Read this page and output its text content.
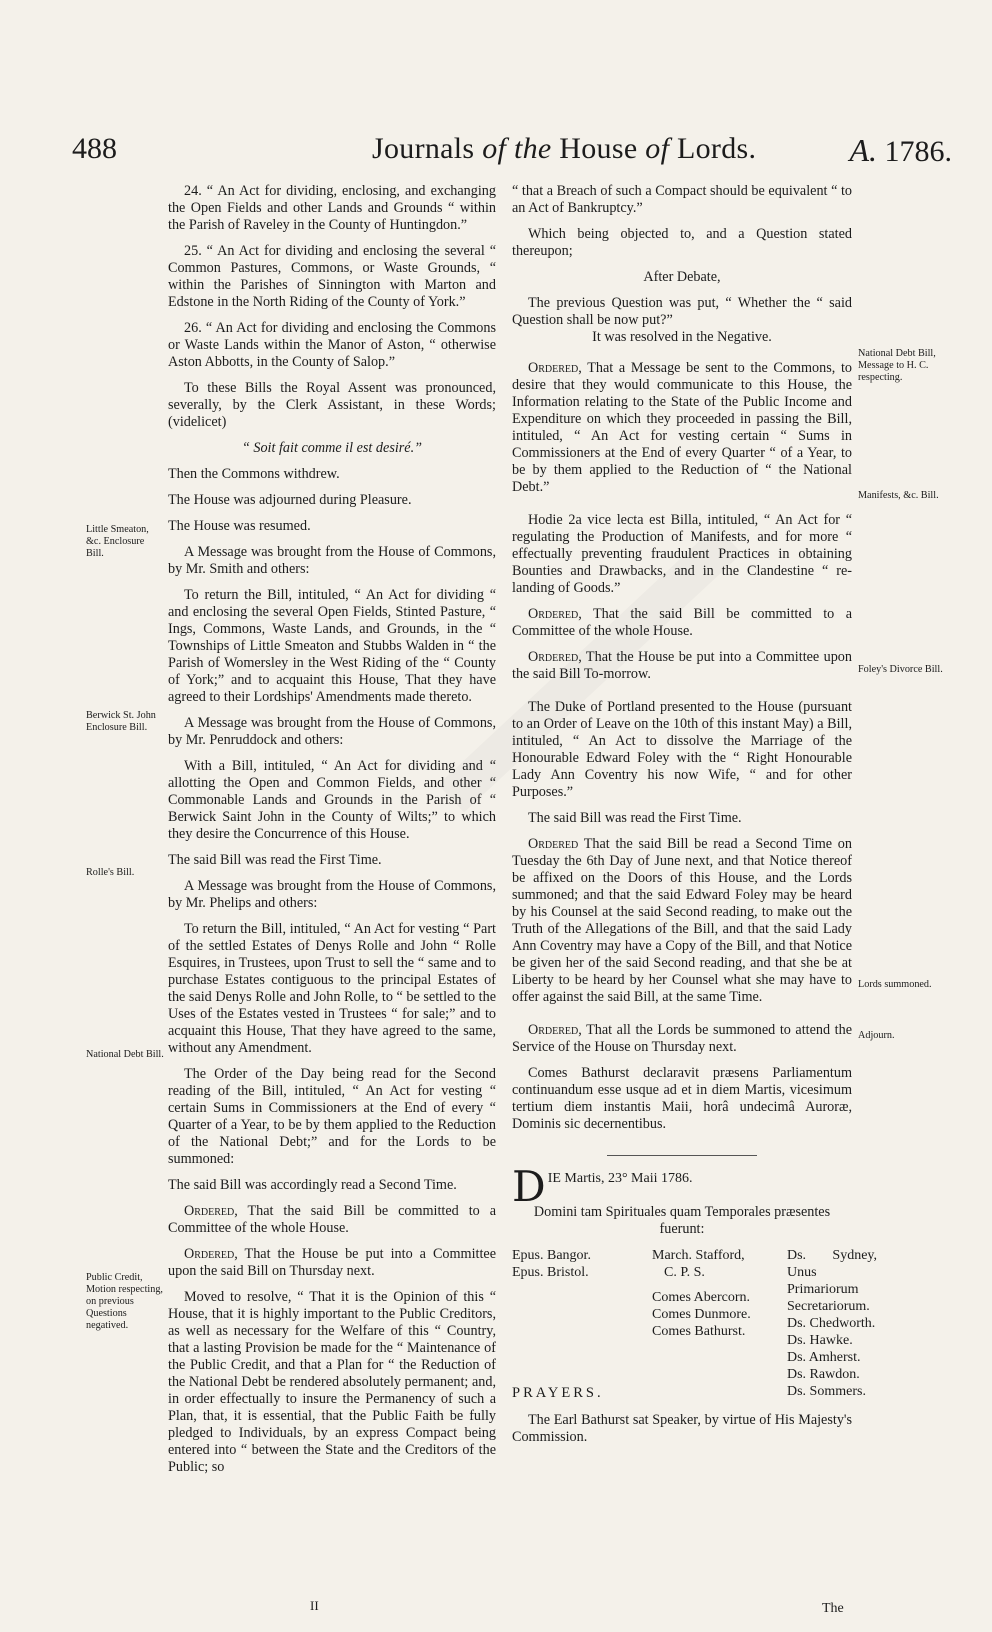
488	Journals of the House of Lords.	A. 1786.
Little Smeaton, &c. Enclosure Bill.
Berwick St. John Enclosure Bill.
Rolle's Bill.
National Debt Bill.
Public Credit, Motion respecting, on previous Questions negatived.
National Debt Bill, Message to H. C. respecting.
Manifests, &c. Bill.
Foley's Divorce Bill.
Lords summoned.
Adjourn.

24. “ An Act for dividing, enclosing, and exchanging the Open Fields and other Lands and Grounds “ within the Parish of Raveley in the County of Huntingdon.”

25. “ An Act for dividing and enclosing the several “ Common Pastures, Commons, or Waste Grounds, “ within the Parishes of Sinnington with Marton and Edstone in the North Riding of the County of York.”

26. “ An Act for dividing and enclosing the Commons or Waste Lands within the Manor of Aston, “ otherwise Aston Abbotts, in the County of Salop.”

To these Bills the Royal Assent was pronounced, severally, by the Clerk Assistant, in these Words; (videlicet)

“ Soit fait comme il est desiré.”

Then the Commons withdrew.

The House was adjourned during Pleasure.

The House was resumed.

A Message was brought from the House of Commons, by Mr. Smith and others:

To return the Bill, intituled, “ An Act for dividing “ and enclosing the several Open Fields, Stinted Pasture, “ Ings, Commons, Waste Lands, and Grounds, in the “ Townships of Little Smeaton and Stubbs Walden in “ the Parish of Womersley in the West Riding of the “ County of York;” and to acquaint this House, That they have agreed to their Lordships' Amendments made thereto.

A Message was brought from the House of Commons, by Mr. Penruddock and others:

With a Bill, intituled, “ An Act for dividing and “ allotting the Open and Common Fields, and other “ Commonable Lands and Grounds in the Parish of “ Berwick Saint John in the County of Wilts;” to which they desire the Concurrence of this House.

The said Bill was read the First Time.

A Message was brought from the House of Commons, by Mr. Phelips and others:

To return the Bill, intituled, “ An Act for vesting “ Part of the settled Estates of Denys Rolle and John “ Rolle Esquires, in Trustees, upon Trust to sell the “ same and to purchase Estates contiguous to the principal Estates of the said Denys Rolle and John Rolle, to “ be settled to the Uses of the Estates vested in Trustees “ for sale;” and to acquaint this House, That they have agreed to the same, without any Amendment.

The Order of the Day being read for the Second reading of the Bill, intituled, “ An Act for vesting “ certain Sums in Commissioners at the End of every “ Quarter of a Year, to be by them applied to the Reduction of the National Debt;” and for the Lords to be summoned:

The said Bill was accordingly read a Second Time.

Ordered, That the said Bill be committed to a Committee of the whole House.

Ordered, That the House be put into a Committee upon the said Bill on Thursday next.

Moved to resolve, “ That it is the Opinion of this “ House, that it is highly important to the Public Creditors, as well as necessary for the Welfare of this “ Country, that a lasting Provision be made for the “ Maintenance of the Public Credit, and that a Plan for “ the Reduction of the National Debt be rendered absolutely permanent; and, in order effectually to insure the Permanency of such a Plan, that, it is essential, that the Public Faith be fully pledged to Individuals, by an express Compact being entered into “ between the State and the Creditors of the Public; so

“ that a Breach of such a Compact should be equivalent “ to an Act of Bankruptcy.”

Which being objected to, and a Question stated thereupon;

After Debate,

The previous Question was put, “ Whether the “ said Question shall be now put?”

It was resolved in the Negative.

Ordered, That a Message be sent to the Commons, to desire that they would communicate to this House, the Information relating to the State of the Public Income and Expenditure on which they proceeded in passing the Bill, intituled, “ An Act for vesting certain “ Sums in Commissioners at the End of every Quarter “ of a Year, to be by them applied to the Reduction of “ the National Debt.”

Hodie 2a vice lecta est Billa, intituled, “ An Act for “ regulating the Production of Manifests, and for more “ effectually preventing fraudulent Practices in obtaining Bounties and Drawbacks, and in the Clandestine “ re-landing of Goods.”

Ordered, That the said Bill be committed to a Committee of the whole House.

Ordered, That the House be put into a Committee upon the said Bill To-morrow.

The Duke of Portland presented to the House (pursuant to an Order of Leave on the 10th of this instant May) a Bill, intituled, “ An Act to dissolve the Marriage of the Honourable Edward Foley with the “ Right Honourable Lady Ann Coventry his now Wife, “ and for other Purposes.”

The said Bill was read the First Time.

Ordered That the said Bill be read a Second Time on Tuesday the 6th Day of June next, and that Notice thereof be affixed on the Doors of this House, and the Lords summoned; and that the said Edward Foley may be heard by his Counsel at the said Second reading, to make out the Truth of the Allegations of the Bill, and that the said Lady Ann Coventry may have a Copy of the Bill, and that Notice be given her of the said Second reading, and that she be at Liberty to be heard by her Counsel what she may have to offer against the said Bill, at the same Time.

Ordered, That all the Lords be summoned to attend the Service of the House on Thursday next.

Comes Bathurst declaravit præsens Parliamentum continuandum esse usque ad et in diem Martis, vicesimum tertium diem instantis Maii, horâ undecimâ Auroræ, Dominis sic decernentibus.

DIE Martis, 23° Maii 1786.

Domini tam Spirituales quam Temporales præsentes fuerunt:

Epus. Bangor.
Epus. Bristol.
March. Stafford,
C. P. S.
Comes Abercorn.
Comes Dunmore.
Comes Bathurst.
Ds. Sydney, Unus Primariorum Secretariorum.
Ds. Chedworth.
Ds. Hawke.
Ds. Amherst.
Ds. Rawdon.
Ds. Sommers.
PRAYERS.

The Earl Bathurst sat Speaker, by virtue of His Majesty's Commission.

II	The
